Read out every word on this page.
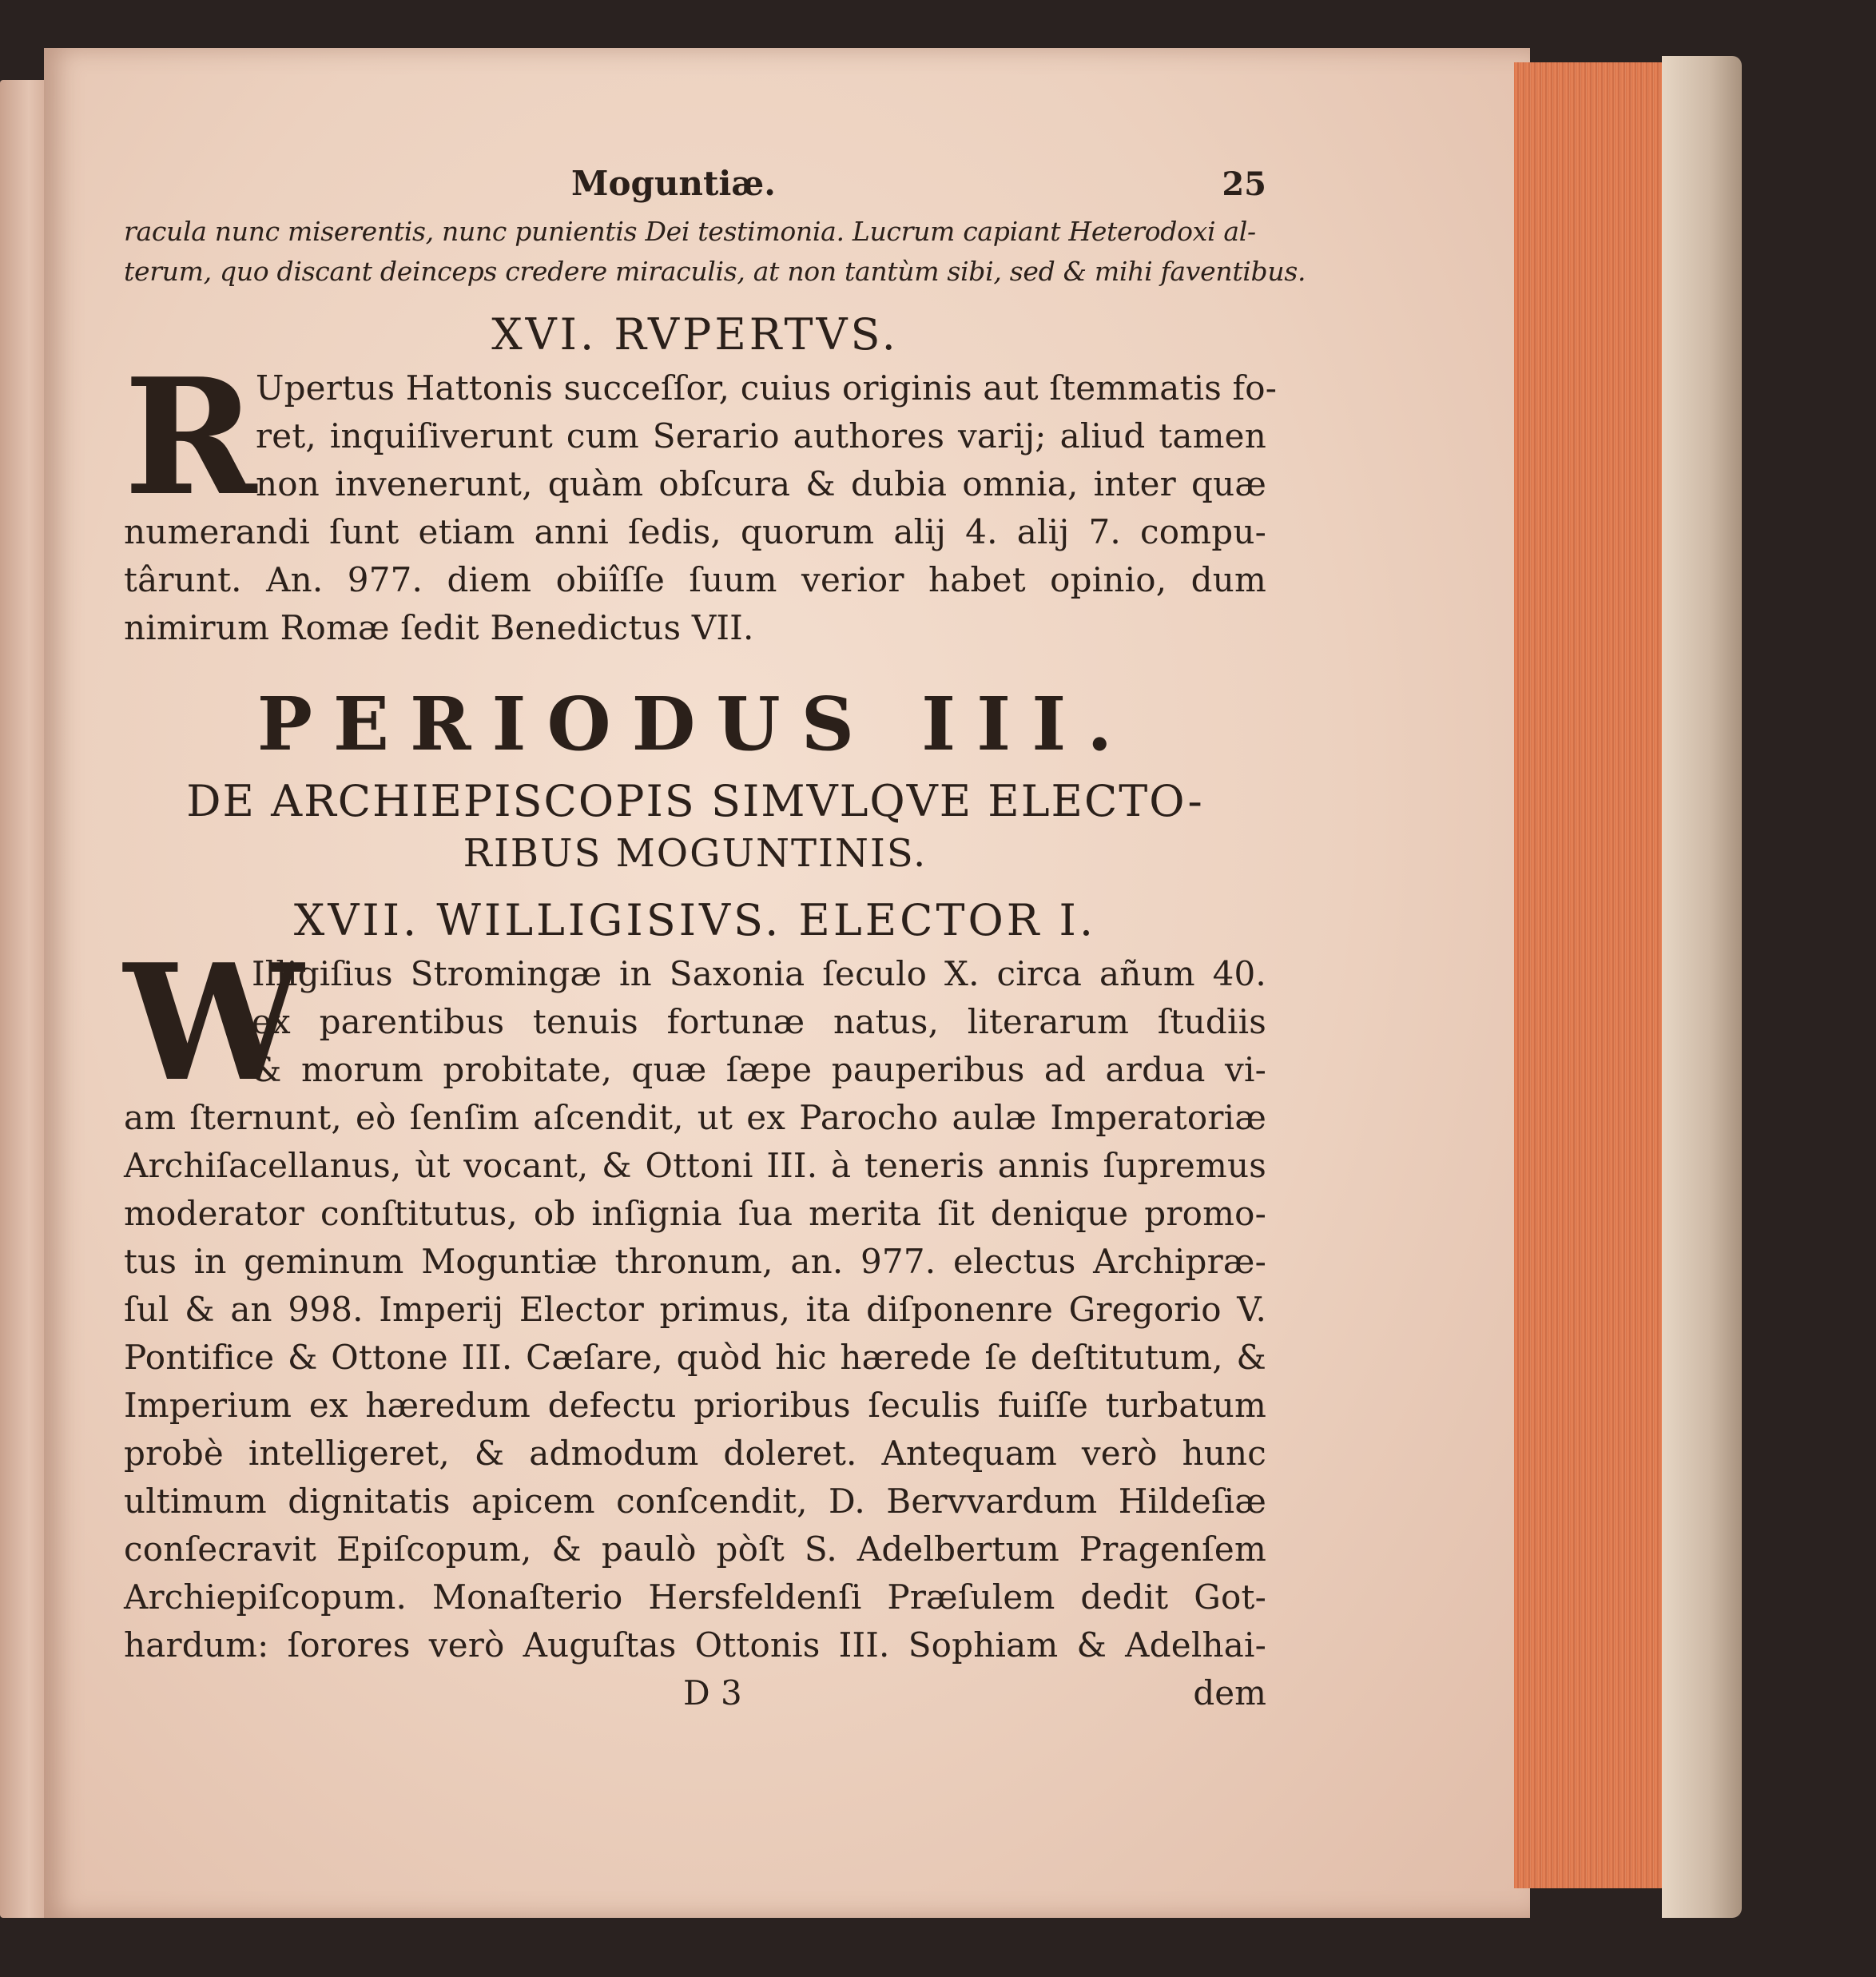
Moguntiæ.	25
racula nunc miserentis, nunc punientis Dei testimonia. Lucrum capiant Heterodoxi al-
terum, quo discant deinceps credere miraculis, at non tantùm sibi, sed & mihi faventibus.
XVI. RVPERTVS.
R
Upertus Hattonis succeſſor, cuius originis aut ſtemmatis fo-
ret, inquiſiverunt cum Serario authores varij; aliud tamen
non invenerunt, quàm obſcura & dubia omnia, inter quæ
numerandi ſunt etiam anni ſedis, quorum alij 4. alij 7. compu-
târunt. An. 977. diem obiîſſe ſuum verior habet opinio, dum
nimirum Romæ ſedit Benedictus VII.
PERIODUS III.
DE ARCHIEPISCOPIS SIMVLQVE ELECTO-
RIBUS MOGUNTINIS.
XVII. WILLIGISIVS. ELECTOR I.
W
Illigiſius Stromingæ in Saxonia ſeculo X. circa añum 40.
ex parentibus tenuis fortunæ natus, literarum ſtudiis
& morum probitate, quæ ſæpe pauperibus ad ardua vi-
am ſternunt, eò ſenſim aſcendit, ut ex Parocho aulæ Imperatoriæ
Archiſacellanus, ùt vocant, & Ottoni III. à teneris annis ſupremus
moderator conſtitutus, ob inſignia ſua merita ſit denique promo-
tus in geminum Moguntiæ thronum, an. 977. electus Archipræ-
ſul & an 998. Imperij Elector primus, ita diſponenre Gregorio V.
Pontifice & Ottone III. Cæſare, quòd hic hærede ſe deſtitutum, &
Imperium ex hæredum defectu prioribus ſeculis fuiſſe turbatum
probè intelligeret, & admodum doleret. Antequam verò hunc
ultimum dignitatis apicem conſcendit, D. Bervvardum Hildeſiæ
conſecravit Epiſcopum, & paulò pòſt S. Adelbertum Pragenſem
Archiepiſcopum. Monaſterio Hersfeldenſi Præſulem dedit Got-
hardum: ſorores verò Auguſtas Ottonis III. Sophiam & Adelhai-
D 3	dem
